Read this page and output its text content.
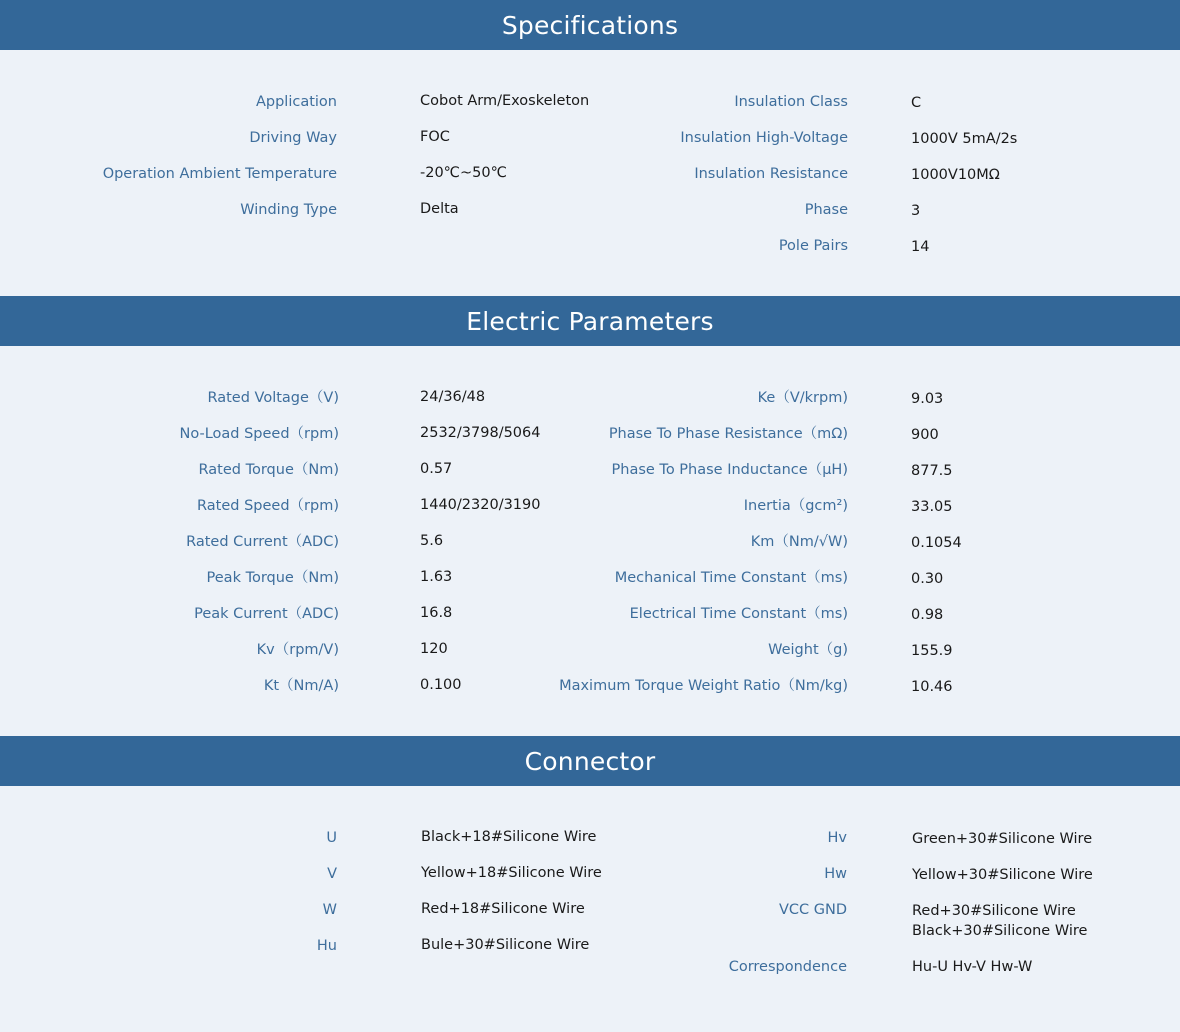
Specifications
Application	Cobot Arm/Exoskeleton
Driving Way	FOC
Operation Ambient Temperature	-20℃~50℃
Winding Type	Delta
Insulation Class	C
Insulation High-Voltage	1000V 5mA/2s
Insulation Resistance	1000V10MΩ
Phase	3
Pole Pairs	14
Electric Parameters
Rated Voltage（V)	24/36/48
No-Load Speed（rpm)	2532/3798/5064
Rated Torque（Nm)	0.57
Rated Speed（rpm)	1440/2320/3190
Rated Current（ADC)	5.6
Peak Torque（Nm)	1.63
Peak Current（ADC)	16.8
Kv（rpm/V)	120
Kt（Nm/A)	0.100
Ke（V/krpm)	9.03
Phase To Phase Resistance（mΩ)	900
Phase To Phase Inductance（μH)	877.5
Inertia（gcm²)	33.05
Km（Nm/√W)	0.1054
Mechanical Time Constant（ms)	0.30
Electrical Time Constant（ms)	0.98
Weight（g)	155.9
Maximum Torque Weight Ratio（Nm/kg)	10.46
Connector
U	Black+18#Silicone Wire
V	Yellow+18#Silicone Wire
W	Red+18#Silicone Wire
Hu	Bule+30#Silicone Wire
Hv	Green+30#Silicone Wire
Hw	Yellow+30#Silicone Wire
VCC GND	Red+30#Silicone Wire
Black+30#Silicone Wire
Correspondence	Hu-U Hv-V Hw-W
